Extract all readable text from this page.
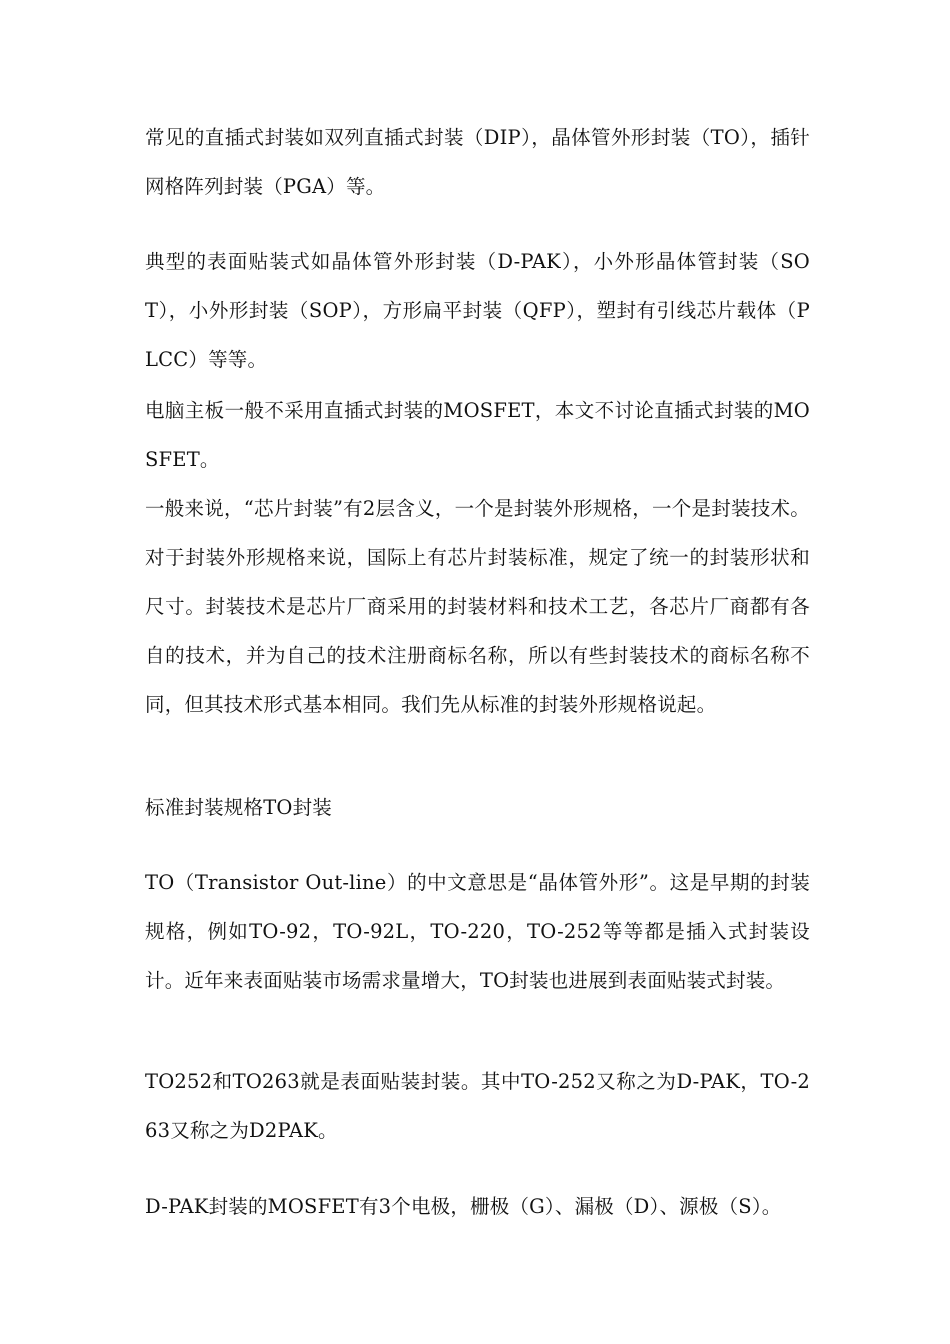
常见的直插式封装如双列直插式封装（DIP），晶体管外形封装（TO），插针网格阵列封装（PGA）等。

典型的表面贴装式如晶体管外形封装（D-PAK），小外形晶体管封装（SOT），小外形封装（SOP），方形扁平封装（QFP），塑封有引线芯片载体（PLCC）等等。

电脑主板一般不采用直插式封装的MOSFET，本文不讨论直插式封装的MOSFET。

一般来说，“芯片封装”有2层含义，一个是封装外形规格，一个是封装技术。对于封装外形规格来说，国际上有芯片封装标准，规定了统一的封装形状和尺寸。封装技术是芯片厂商采用的封装材料和技术工艺，各芯片厂商都有各自的技术，并为自己的技术注册商标名称，所以有些封装技术的商标名称不同，但其技术形式基本相同。我们先从标准的封装外形规格说起。

标准封装规格TO封装

TO（Transistor Out-line）的中文意思是“晶体管外形”。这是早期的封装规格，例如TO-92，TO-92L，TO-220，TO-252等等都是插入式封装设计。近年来表面贴装市场需求量增大，TO封装也进展到表面贴装式封装。

TO252和TO263就是表面贴装封装。其中TO-252又称之为D-PAK，TO-263又称之为D2PAK。

D-PAK封装的MOSFET有3个电极，栅极（G）、漏极（D）、源极（S）。
